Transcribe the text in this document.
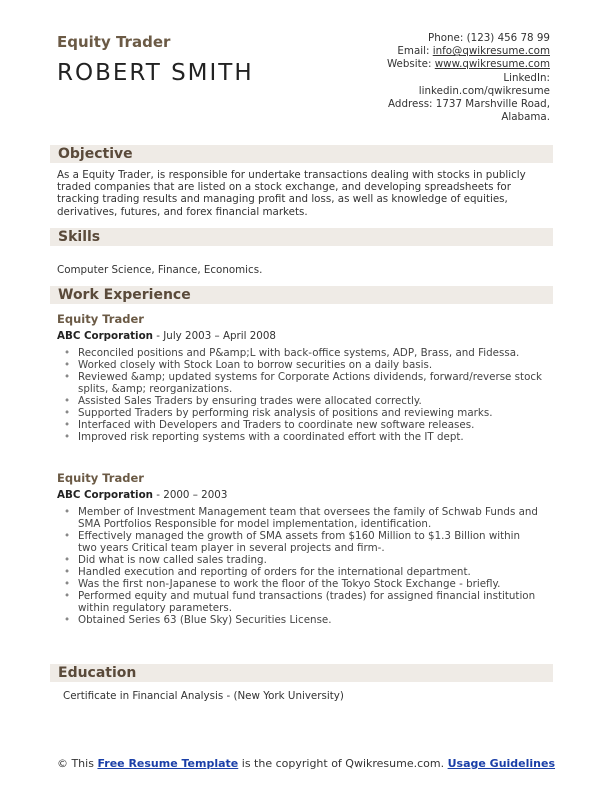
Equity Trader
ROBERT SMITH
Phone: (123) 456 78 99
Email: info@qwikresume.com
Website: www.qwikresume.com
LinkedIn:
linkedin.com/qwikresume
Address: 1737 Marshville Road,
Alabama.
Objective
As a Equity Trader, is responsible for undertake transactions dealing with stocks in publicly traded companies that are listed on a stock exchange, and developing spreadsheets for tracking trading results and managing profit and loss, as well as knowledge of equities, derivatives, futures, and forex financial markets.
Skills
Computer Science, Finance, Economics.
Work Experience
Equity Trader
ABC Corporation - July 2003 – April 2008
• Reconciled positions and P&amp;L with back-office systems, ADP, Brass, and Fidessa.
• Worked closely with Stock Loan to borrow securities on a daily basis.
• Reviewed &amp; updated systems for Corporate Actions dividends, forward/reverse stock splits, &amp; reorganizations.
• Assisted Sales Traders by ensuring trades were allocated correctly.
• Supported Traders by performing risk analysis of positions and reviewing marks.
• Interfaced with Developers and Traders to coordinate new software releases.
• Improved risk reporting systems with a coordinated effort with the IT dept.
Equity Trader
ABC Corporation - 2000 – 2003
• Member of Investment Management team that oversees the family of Schwab Funds and SMA Portfolios Responsible for model implementation, identification.
• Effectively managed the growth of SMA assets from $160 Million to $1.3 Billion within two years Critical team player in several projects and firm-.
• Did what is now called sales trading.
• Handled execution and reporting of orders for the international department.
• Was the first non-Japanese to work the floor of the Tokyo Stock Exchange - briefly.
• Performed equity and mutual fund transactions (trades) for assigned financial institution within regulatory parameters.
• Obtained Series 63 (Blue Sky) Securities License.
Education
Certificate in Financial Analysis - (New York University)
© This Free Resume Template is the copyright of Qwikresume.com. Usage Guidelines
